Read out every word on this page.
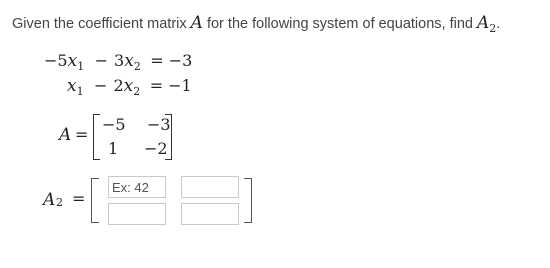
Given the coefficient matrix A for the following system of equations, find $A_2$.
$-5x_1 - 3x_2 = -3$
$x_1 - 2x_2 = -1$
A =
−5 −3
1 −2
A 2 =
Ex: 42
